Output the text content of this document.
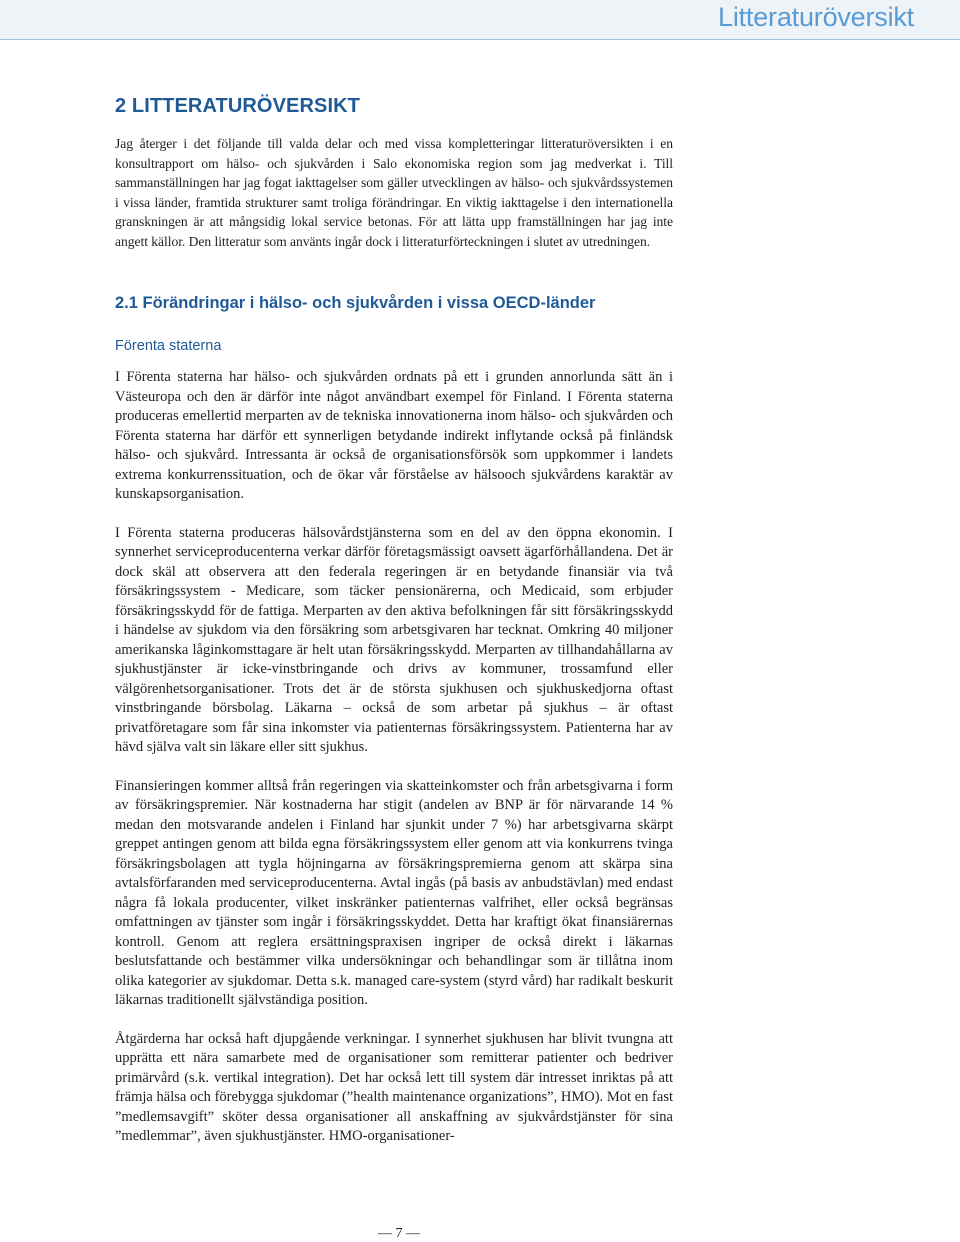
Litteraturöversikt
2 LITTERATURÖVERSIKT

Jag återger i det följande till valda delar och med vissa kompletteringar litteraturöversikten i en konsultrapport om hälso- och sjukvården i Salo ekonomiska region som jag medverkat i. Till sammanställningen har jag fogat iakttagelser som gäller utvecklingen av hälso- och sjukvårdssystemen i vissa länder, framtida strukturer samt troliga förändringar. En viktig iakttagelse i den internationella granskningen är att mångsidig lokal service betonas. För att lätta upp framställningen har jag inte angett källor. Den litteratur som använts ingår dock i litteraturförteckningen i slutet av utredningen.

2.1 Förändringar i hälso- och sjukvården i vissa OECD-länder
Förenta staterna

I Förenta staterna har hälso- och sjukvården ordnats på ett i grunden annorlunda sätt än i Västeuropa och den är därför inte något användbart exempel för Finland. I Förenta staterna produceras emellertid merparten av de tekniska innovationerna inom hälso- och sjukvården och Förenta staterna har därför ett synnerligen betydande indirekt inflytande också på finländsk hälso- och sjukvård. Intressanta är också de organisationsförsök som uppkommer i landets extrema konkurrenssituation, och de ökar vår förståelse av hälsooch sjukvårdens karaktär av kunskapsorganisation.

I Förenta staterna produceras hälsovårdstjänsterna som en del av den öppna ekonomin. I synnerhet serviceproducenterna verkar därför företagsmässigt oavsett ägarförhållandena. Det är dock skäl att observera att den federala regeringen är en betydande finansiär via två försäkringssystem - Medicare, som täcker pensionärerna, och Medicaid, som erbjuder försäkringsskydd för de fattiga. Merparten av den aktiva befolkningen får sitt försäkringsskydd i händelse av sjukdom via den försäkring som arbetsgivaren har tecknat. Omkring 40 miljoner amerikanska låginkomsttagare är helt utan försäkringsskydd. Merparten av tillhandahållarna av sjukhustjänster är icke-vinstbringande och drivs av kommuner, trossamfund eller välgörenhetsorganisationer. Trots det är de största sjukhusen och sjukhuskedjorna oftast vinstbringande börsbolag. Läkarna – också de som arbetar på sjukhus – är oftast privatföretagare som får sina inkomster via patienternas försäkringssystem. Patienterna har av hävd själva valt sin läkare eller sitt sjukhus.

Finansieringen kommer alltså från regeringen via skatteinkomster och från arbetsgivarna i form av försäkringspremier. När kostnaderna har stigit (andelen av BNP är för närvarande 14 % medan den motsvarande andelen i Finland har sjunkit under 7 %) har arbetsgivarna skärpt greppet antingen genom att bilda egna försäkringssystem eller genom att via konkurrens tvinga försäkringsbolagen att tygla höjningarna av försäkringspremierna genom att skärpa sina avtalsförfaranden med serviceproducenterna. Avtal ingås (på basis av anbudstävlan) med endast några få lokala producenter, vilket inskränker patienternas valfrihet, eller också begränsas omfattningen av tjänster som ingår i försäkringsskyddet. Detta har kraftigt ökat finansiärernas kontroll. Genom att reglera ersättningspraxisen ingriper de också direkt i läkarnas beslutsfattande och bestämmer vilka undersökningar och behandlingar som är tillåtna inom olika kategorier av sjukdomar. Detta s.k. managed care-system (styrd vård) har radikalt beskurit läkarnas traditionellt självständiga position.

Åtgärderna har också haft djupgående verkningar. I synnerhet sjukhusen har blivit tvungna att upprätta ett nära samarbete med de organisationer som remitterar patienter och bedriver primärvård (s.k. vertikal integration). Det har också lett till system där intresset inriktas på att främja hälsa och förebygga sjukdomar (”health maintenance organizations”, HMO). Mot en fast ”medlemsavgift” sköter dessa organisationer all anskaffning av sjukvårdstjänster för sina ”medlemmar”, även sjukhustjänster. HMO-organisationer-

— 7 —
